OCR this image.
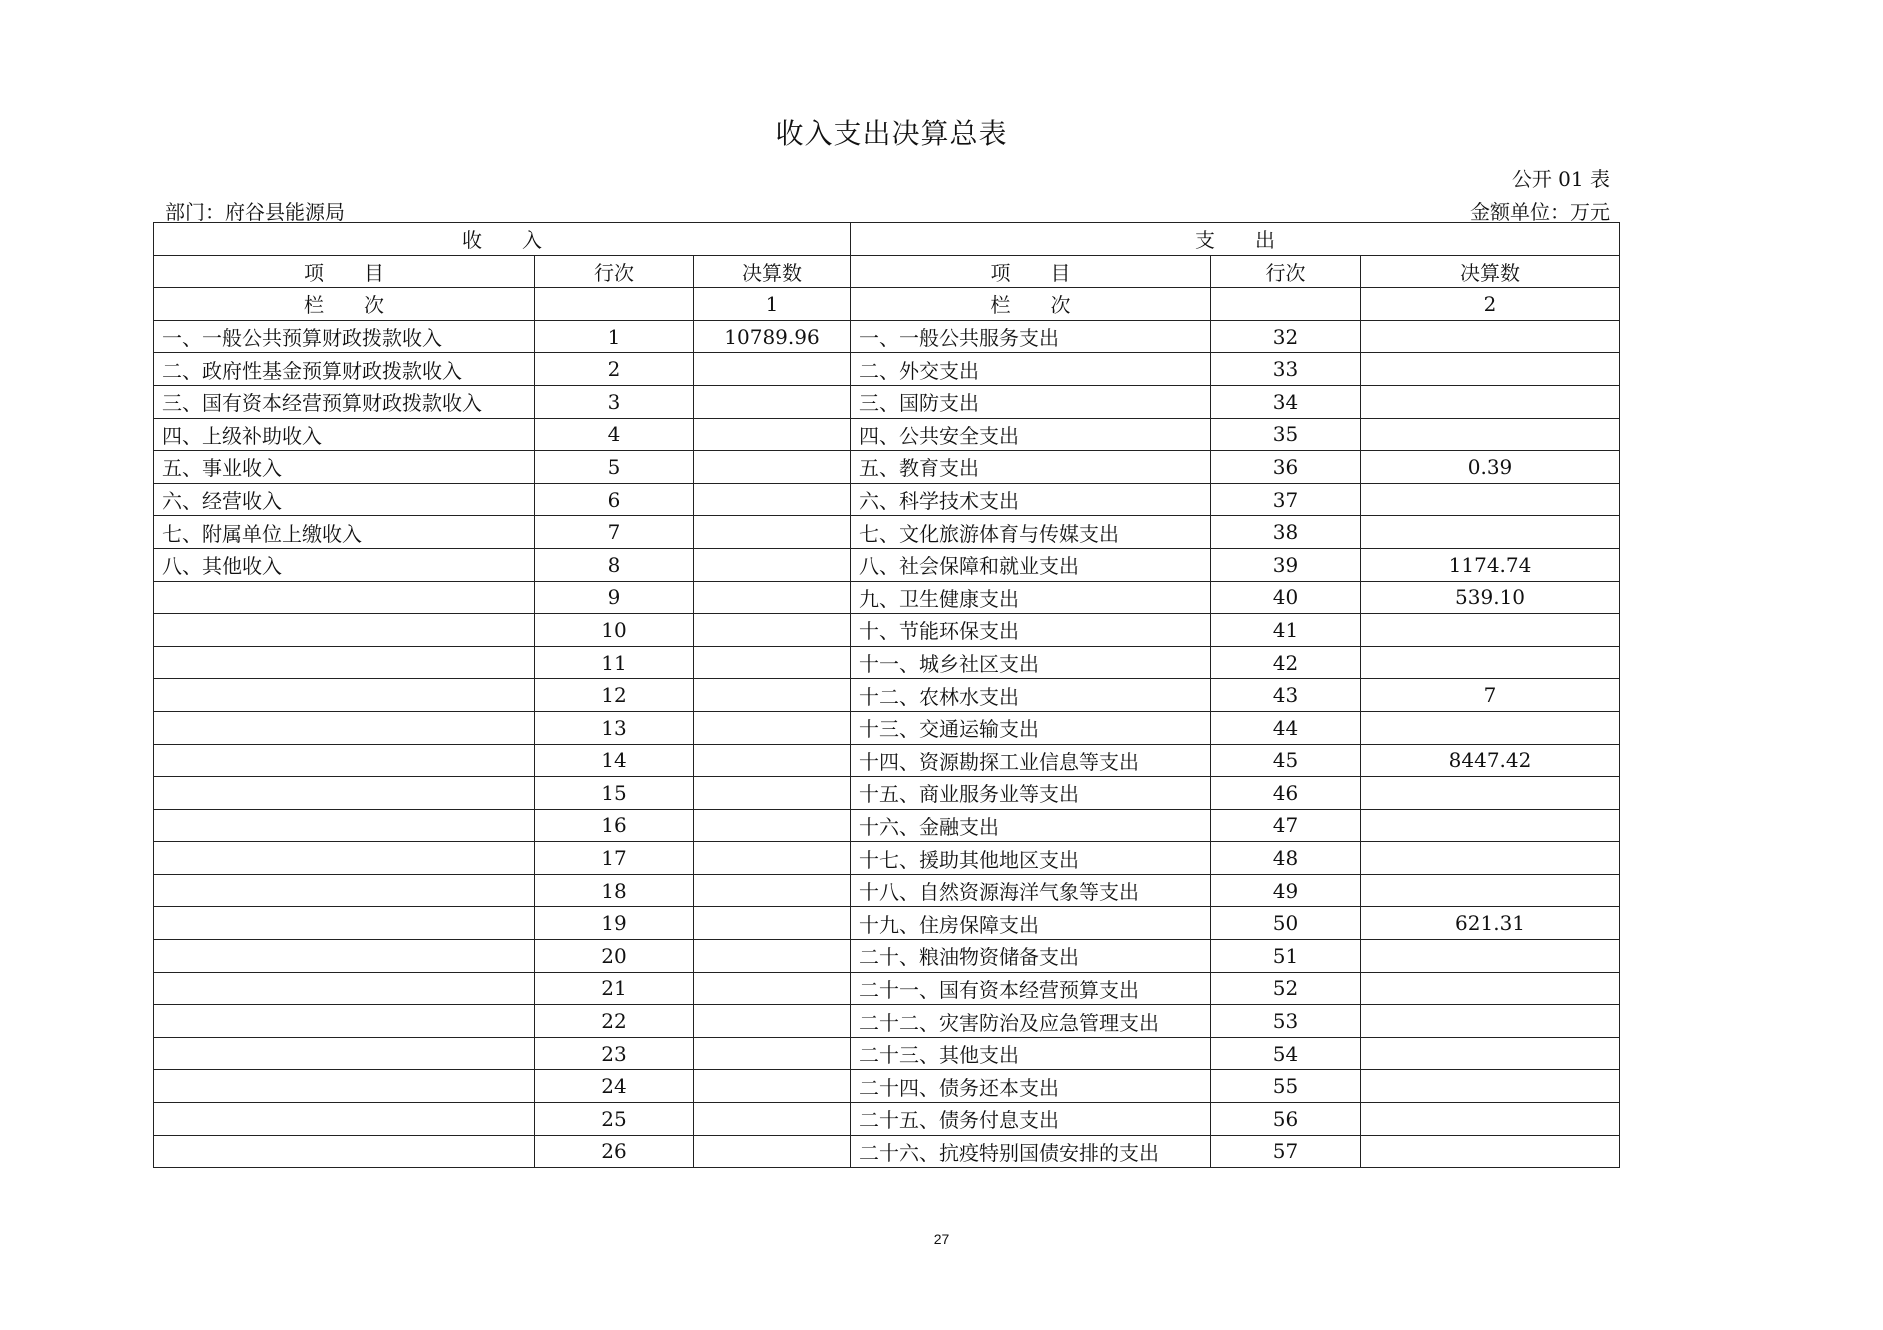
收入支出决算总表
公开 01 表
部门：府谷县能源局	金额单位：万元
收　　入			支　　出		
项　　目	行次	决算数	项　　目	行次	决算数
栏　　次		1	栏　　次		2
一、一般公共预算财政拨款收入	1	10789.96	一、一般公共服务支出	32	
二、政府性基金预算财政拨款收入	2		二、外交支出	33	
三、国有资本经营预算财政拨款收入	3		三、国防支出	34	
四、上级补助收入	4		四、公共安全支出	35	
五、事业收入	5		五、教育支出	36	0.39
六、经营收入	6		六、科学技术支出	37	
七、附属单位上缴收入	7		七、文化旅游体育与传媒支出	38	
八、其他收入	8		八、社会保障和就业支出	39	1174.74
	9		九、卫生健康支出	40	539.10
	10		十、节能环保支出	41	
	11		十一、城乡社区支出	42	
	12		十二、农林水支出	43	7
	13		十三、交通运输支出	44	
	14		十四、资源勘探工业信息等支出	45	8447.42
	15		十五、商业服务业等支出	46	
	16		十六、金融支出	47	
	17		十七、援助其他地区支出	48	
	18		十八、自然资源海洋气象等支出	49	
	19		十九、住房保障支出	50	621.31
	20		二十、粮油物资储备支出	51	
	21		二十一、国有资本经营预算支出	52	
	22		二十二、灾害防治及应急管理支出	53	
	23		二十三、其他支出	54	
	24		二十四、债务还本支出	55	
	25		二十五、债务付息支出	56	
	26		二十六、抗疫特别国债安排的支出	57	
27
